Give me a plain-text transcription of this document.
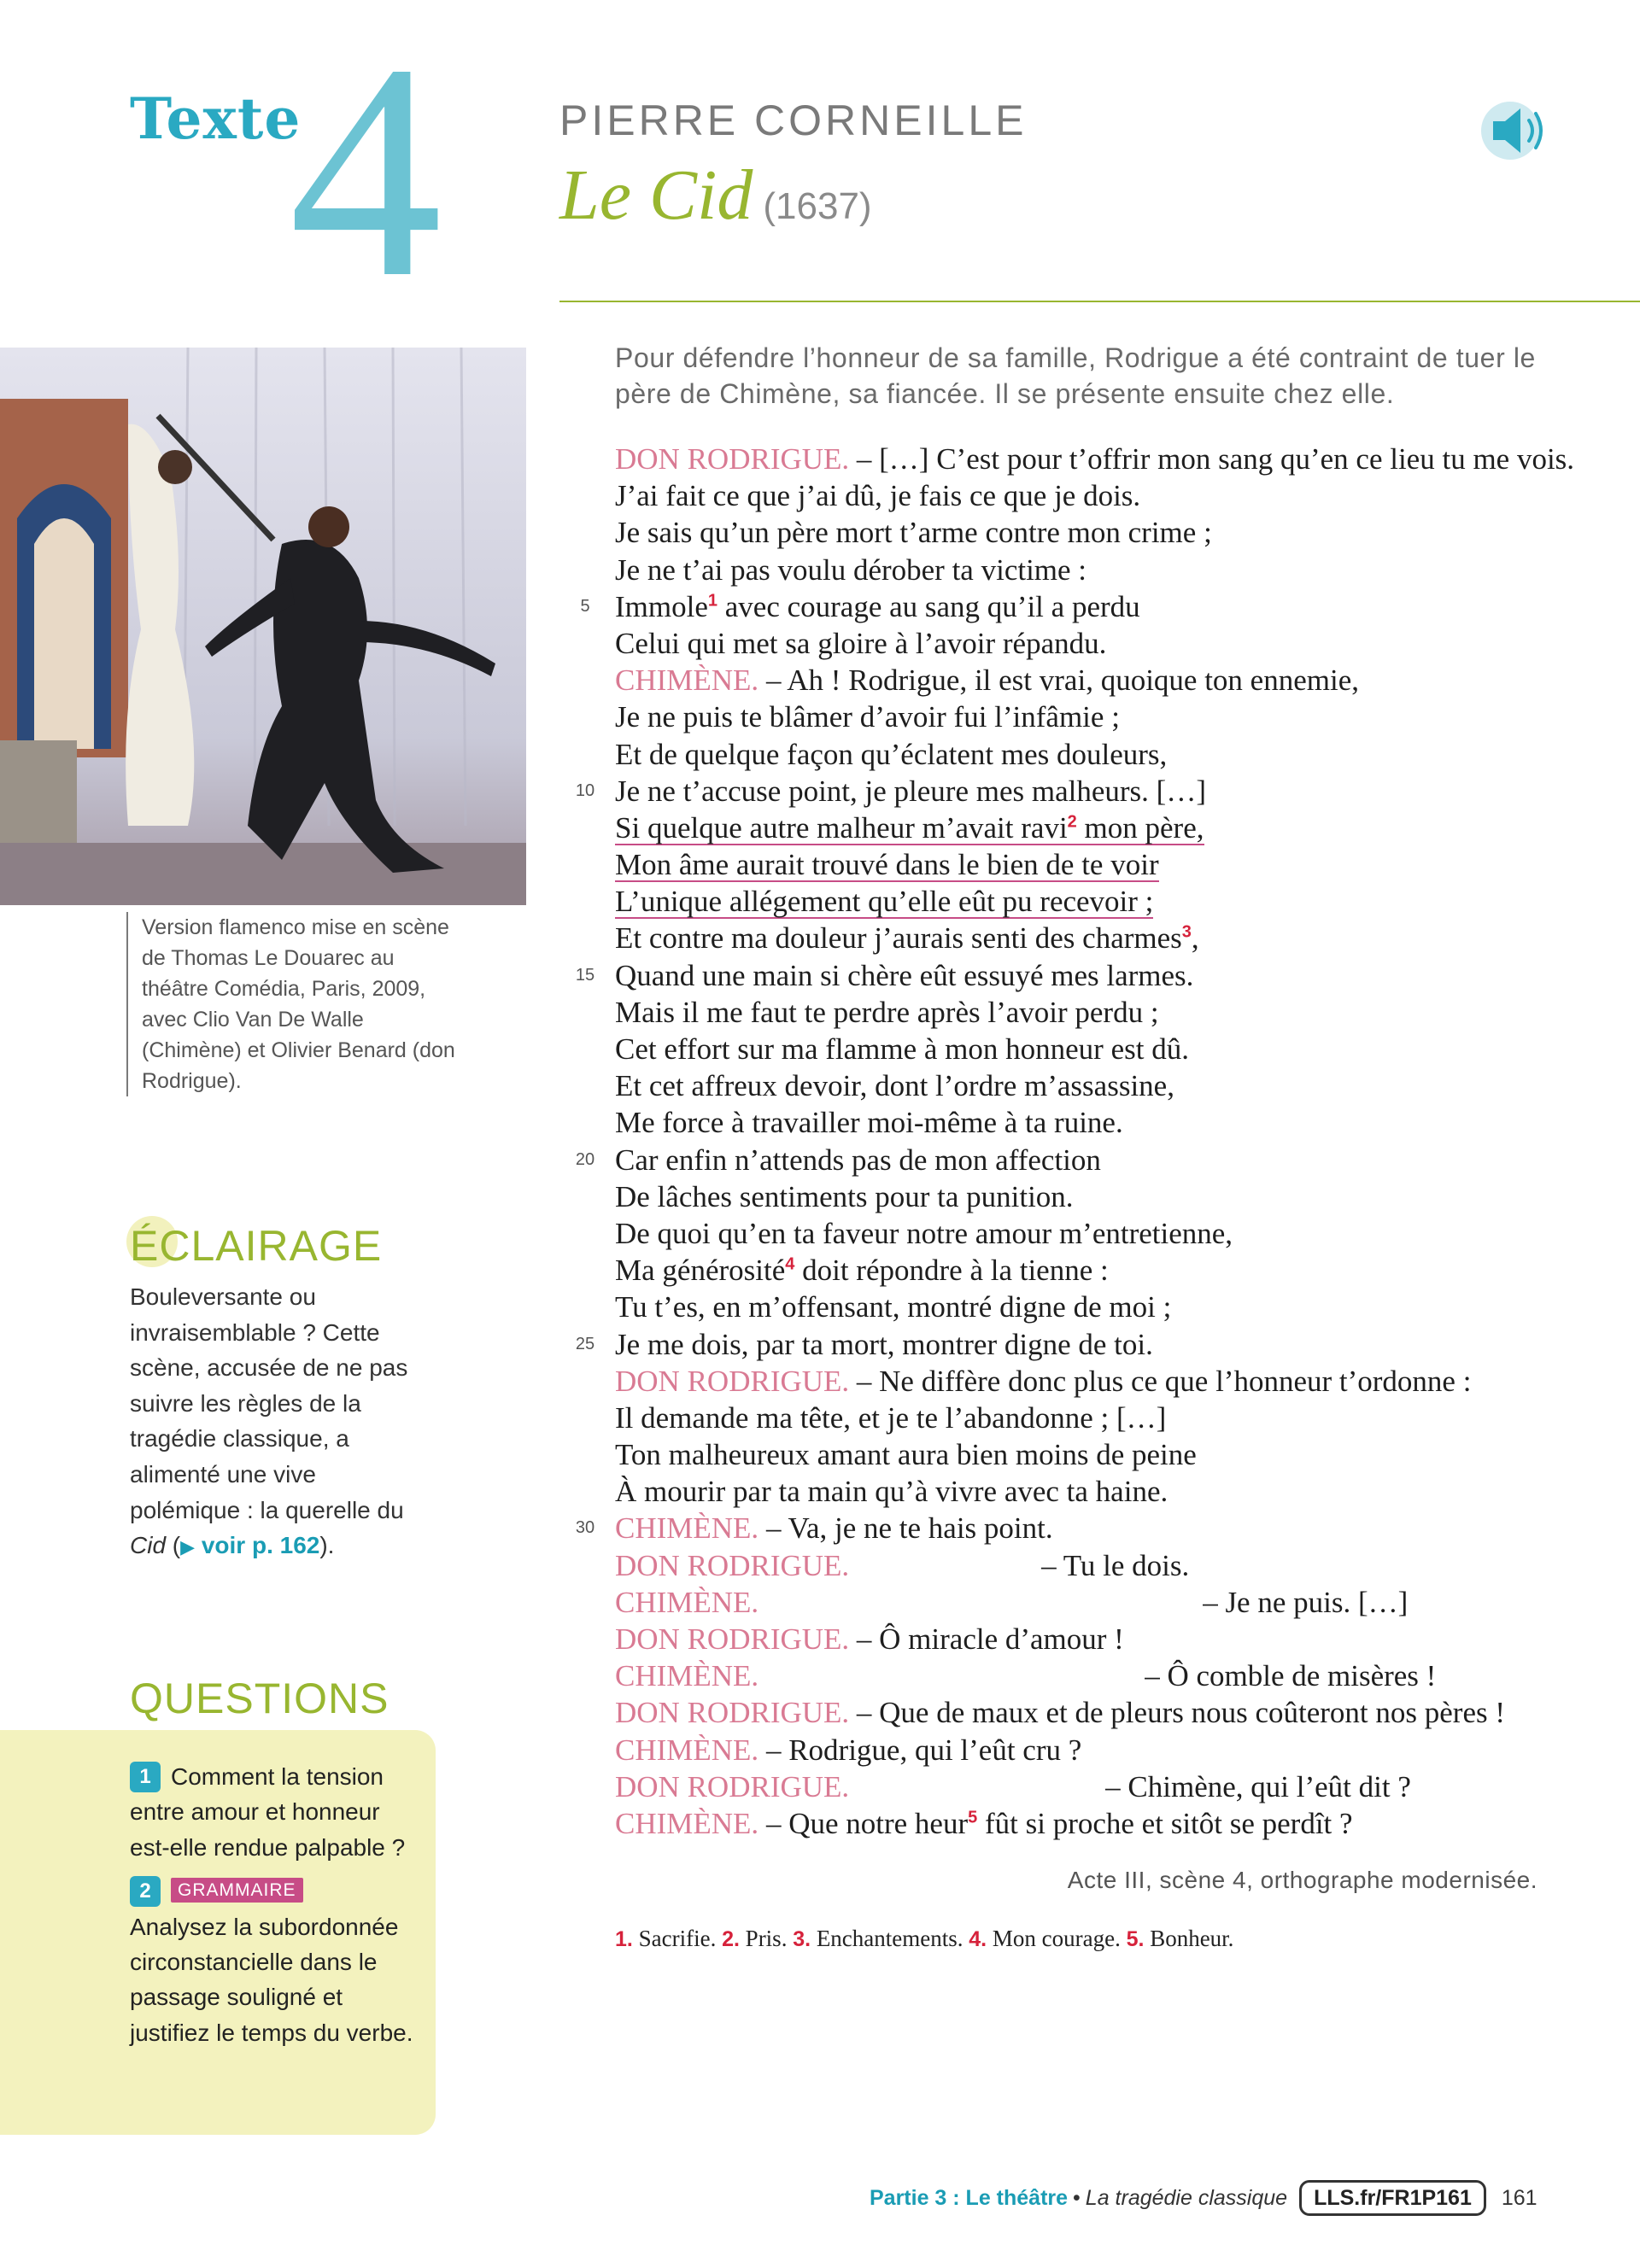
Texte
4	PIERRE CORNEILLE
Le Cid (1637)
Version flamenco mise en scène de Thomas Le Douarec au théâtre Comédia, Paris, 2009, avec Clio Van De Walle (Chimène) et Olivier Benard (don Rodrigue).
ÉCLAIRAGE
Bouleversante ou invraisemblable ? Cette scène, accusée de ne pas suivre les règles de la tragédie classique, a alimenté une vive polémique : la querelle du Cid (▶ voir p. 162).
QUESTIONS
1 Comment la tension entre amour et honneur est-elle rendue palpable ?
2 GRAMMAIRE
Analysez la subordonnée circonstancielle dans le passage souligné et justifiez le temps du verbe.
Pour défendre l’honneur de sa famille, Rodrigue a été contraint de tuer le père de Chimène, sa fiancée. Il se présente ensuite chez elle.
DON RODRIGUE. – […] C’est pour t’offrir mon sang qu’en ce lieu tu me vois.
J’ai fait ce que j’ai dû, je fais ce que je dois.
Je sais qu’un père mort t’arme contre mon crime ;
Je ne t’ai pas voulu dérober ta victime :
5 Immole$^1$ avec courage au sang qu’il a perdu
Celui qui met sa gloire à l’avoir répandu.
CHIMÈNE. – Ah ! Rodrigue, il est vrai, quoique ton ennemie,
Je ne puis te blâmer d’avoir fui l’infâmie ;
Et de quelque façon qu’éclatent mes douleurs,
10 Je ne t’accuse point, je pleure mes malheurs. […]
Si quelque autre malheur m’avait ravi$^2$ mon père,
Mon âme aurait trouvé dans le bien de te voir
L’unique allégement qu’elle eût pu recevoir ;
Et contre ma douleur j’aurais senti des charmes$^3$,
15 Quand une main si chère eût essuyé mes larmes.
Mais il me faut te perdre après l’avoir perdu ;
Cet effort sur ma flamme à mon honneur est dû.
Et cet affreux devoir, dont l’ordre m’assassine,
Me force à travailler moi-même à ta ruine.
20 Car enfin n’attends pas de mon affection
De lâches sentiments pour ta punition.
De quoi qu’en ta faveur notre amour m’entretienne,
Ma générosité$^4$ doit répondre à la tienne :
Tu t’es, en m’offensant, montré digne de moi ;
25 Je me dois, par ta mort, montrer digne de toi.
DON RODRIGUE. – Ne diffère donc plus ce que l’honneur t’ordonne :
Il demande ma tête, et je te l’abandonne ; […]
Ton malheureux amant aura bien moins de peine
À mourir par ta main qu’à vivre avec ta haine.
30 CHIMÈNE. – Va, je ne te hais point.
DON RODRIGUE.	– Tu le dois.
CHIMÈNE.	– Je ne puis. […]
DON RODRIGUE. – Ô miracle d’amour !
CHIMÈNE.	– Ô comble de misères !
DON RODRIGUE. – Que de maux et de pleurs nous coûteront nos pères !
CHIMÈNE. – Rodrigue, qui l’eût cru ?
DON RODRIGUE.	– Chimène, qui l’eût dit ?
CHIMÈNE. – Que notre heur$^5$ fût si proche et sitôt se perdît ?
Acte III, scène 4, orthographe modernisée.
1. Sacrifie. 2. Pris. 3. Enchantements. 4. Mon courage. 5. Bonheur.
Partie 3 : Le théâtre • La tragédie classique	LLS.fr/FR1P161	161
